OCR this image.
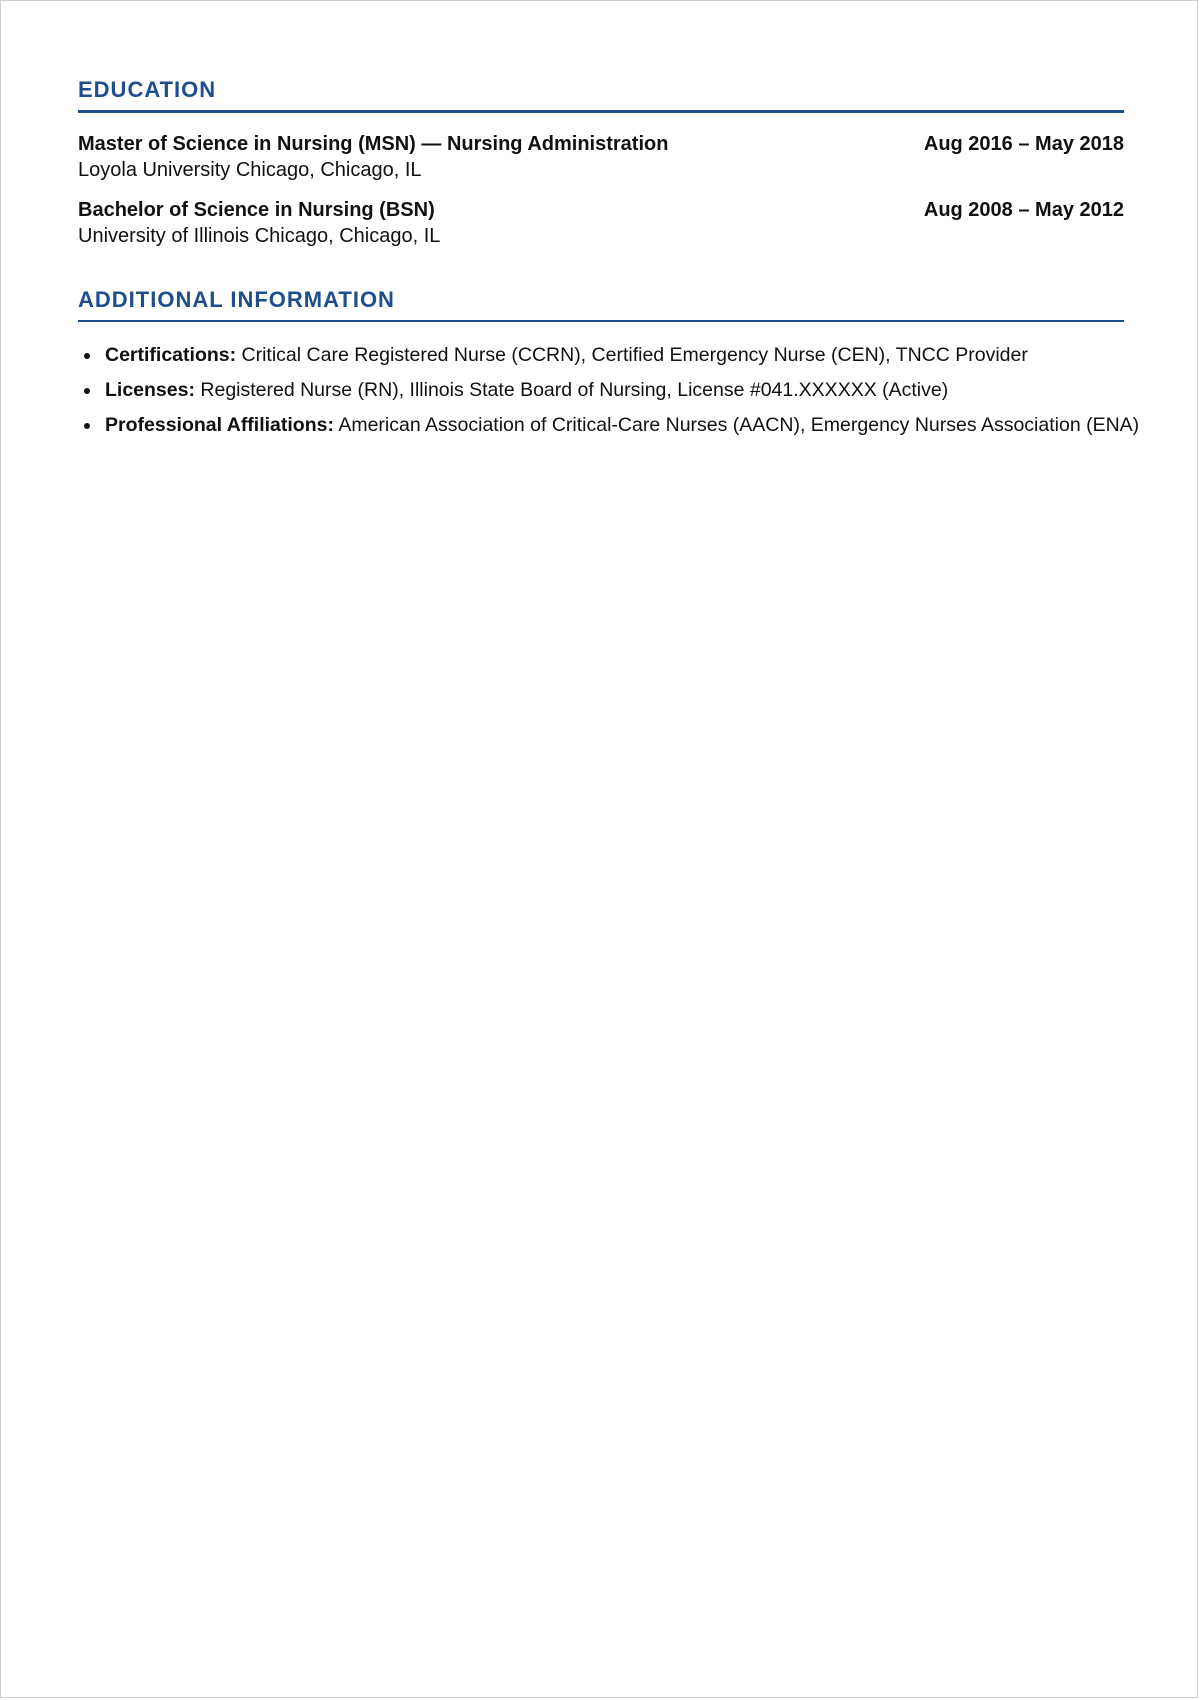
EDUCATION
Master of Science in Nursing (MSN) — Nursing Administration	Aug 2016 – May 2018
Loyola University Chicago, Chicago, IL
Bachelor of Science in Nursing (BSN)	Aug 2008 – May 2012
University of Illinois Chicago, Chicago, IL
ADDITIONAL INFORMATION
Certifications: Critical Care Registered Nurse (CCRN), Certified Emergency Nurse (CEN), TNCC Provider
Licenses: Registered Nurse (RN), Illinois State Board of Nursing, License #041.XXXXXX (Active)
Professional Affiliations: American Association of Critical-Care Nurses (AACN), Emergency Nurses Association (ENA)
